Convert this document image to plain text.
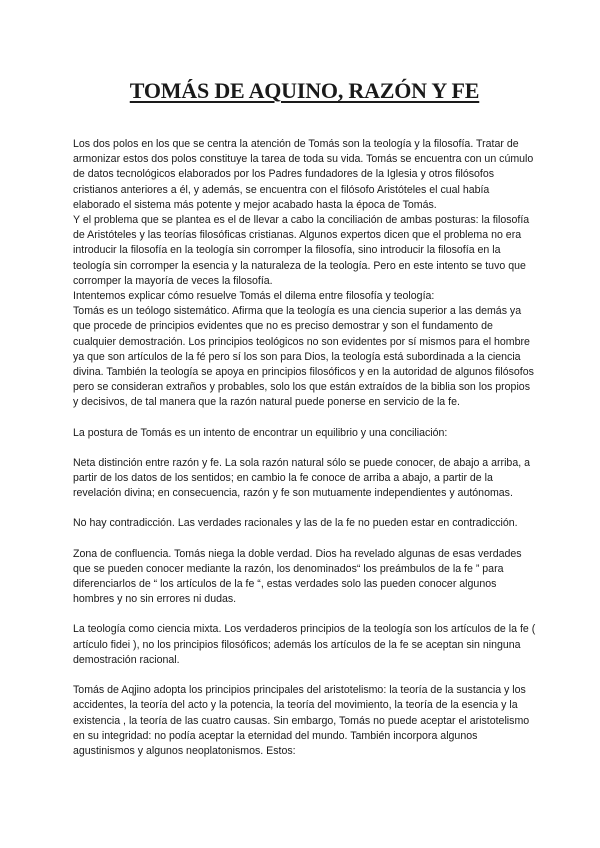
TOMÁS DE AQUINO, RAZÓN Y FE

Los dos polos en los que se centra la atención de Tomás son la teología y la filosofía. Tratar de armonizar estos dos polos constituye la tarea de toda su vida. Tomás se encuentra con un cúmulo de datos tecnológicos elaborados por los Padres fundadores de la Iglesia y otros filósofos cristianos anteriores a él, y además, se encuentra con el filósofo Aristóteles el cual había elaborado el sistema más potente y mejor acabado hasta la época de Tomás.

Y el problema que se plantea es el de llevar a cabo la conciliación de ambas posturas: la filosofía de Aristóteles y las teorías filosóficas cristianas. Algunos expertos dicen que el problema no era introducir la filosofía en la teología sin corromper la filosofía, sino introducir la filosofía en la teología sin corromper la esencia y la naturaleza de la teología. Pero en este intento se tuvo que corromper la mayoría de veces la filosofía.

Intentemos explicar cómo resuelve Tomás el dilema entre filosofía y teología:

Tomás es un teólogo sistemático. Afirma que la teología es una ciencia superior a las demás ya que procede de principios evidentes que no es preciso demostrar y son el fundamento de cualquier demostración. Los principios teológicos no son evidentes por sí mismos para el hombre ya que son artículos de la fé pero sí los son para Dios, la teología está subordinada a la ciencia divina. También la teología se apoya en principios filosóficos y en la autoridad de algunos filósofos pero se consideran extraños y probables, solo los que están extraídos de la biblia son los propios y decisivos, de tal manera que la razón natural puede ponerse en servicio de la fe.

La postura de Tomás es un intento de encontrar un equilibrio y una conciliación:

Neta distinción entre razón y fe. La sola razón natural sólo se puede conocer, de abajo a arriba, a partir de los datos de los sentidos; en cambio la fe conoce de arriba a abajo, a partir de la revelación divina; en consecuencia, razón y fe son mutuamente independientes y autónomas.

No hay contradicción. Las verdades racionales y las de la fe no pueden estar en contradicción.

Zona de confluencia. Tomás niega la doble verdad. Dios ha revelado algunas de esas verdades que se pueden conocer mediante la razón, los denominados“ los preámbulos de la fe ” para diferenciarlos de “ los artículos de la fe “, estas verdades solo las pueden conocer algunos hombres y no sin errores ni dudas.

La teología como ciencia mixta. Los verdaderos principios de la teología son los artículos de la fe ( artículo fidei ), no los principios filosóficos; además los artículos de la fe se aceptan sin ninguna demostración racional.

Tomás de Aqjino adopta los principios principales del aristotelismo: la teoría de la sustancia y los accidentes, la teoría del acto y la potencia, la teoría del movimiento, la teoría de la esencia y la existencia , la teoría de las cuatro causas. Sin embargo, Tomás no puede aceptar el aristotelismo en su integridad: no podía aceptar la eternidad del mundo. También incorpora algunos agustinismos y algunos neoplatonismos. Estos:
